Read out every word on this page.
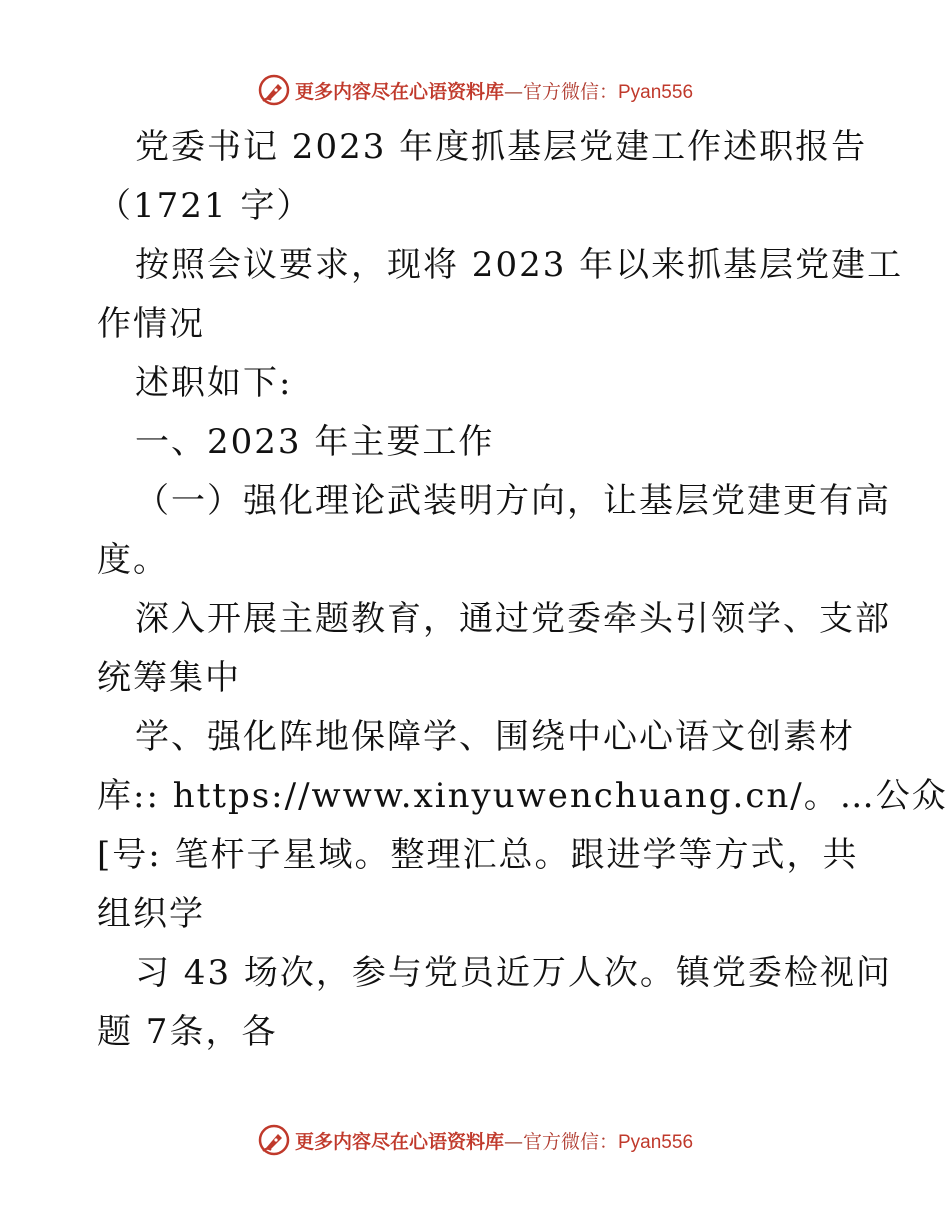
更多内容尽在心语资料库—官方微信：Pyan556
党委书记 2023 年度抓基层党建工作述职报告
（1721 字）
按照会议要求，现将 2023 年以来抓基层党建工
作情况
述职如下:
一、2023 年主要工作
（一）强化理论武装明方向，让基层党建更有高
度。
深入开展主题教育，通过党委牵头引领学、支部
统筹集中
学、强化阵地保障学、围绕中心心语文创素材
库:: https://www.xinyuwenchuang.cn/。…公众
[号: 笔杆子星域。整理汇总。跟进学等方式，共
组织学
习 43 场次，参与党员近万人次。镇党委检视问
题 7条，各
更多内容尽在心语资料库—官方微信：Pyan556
